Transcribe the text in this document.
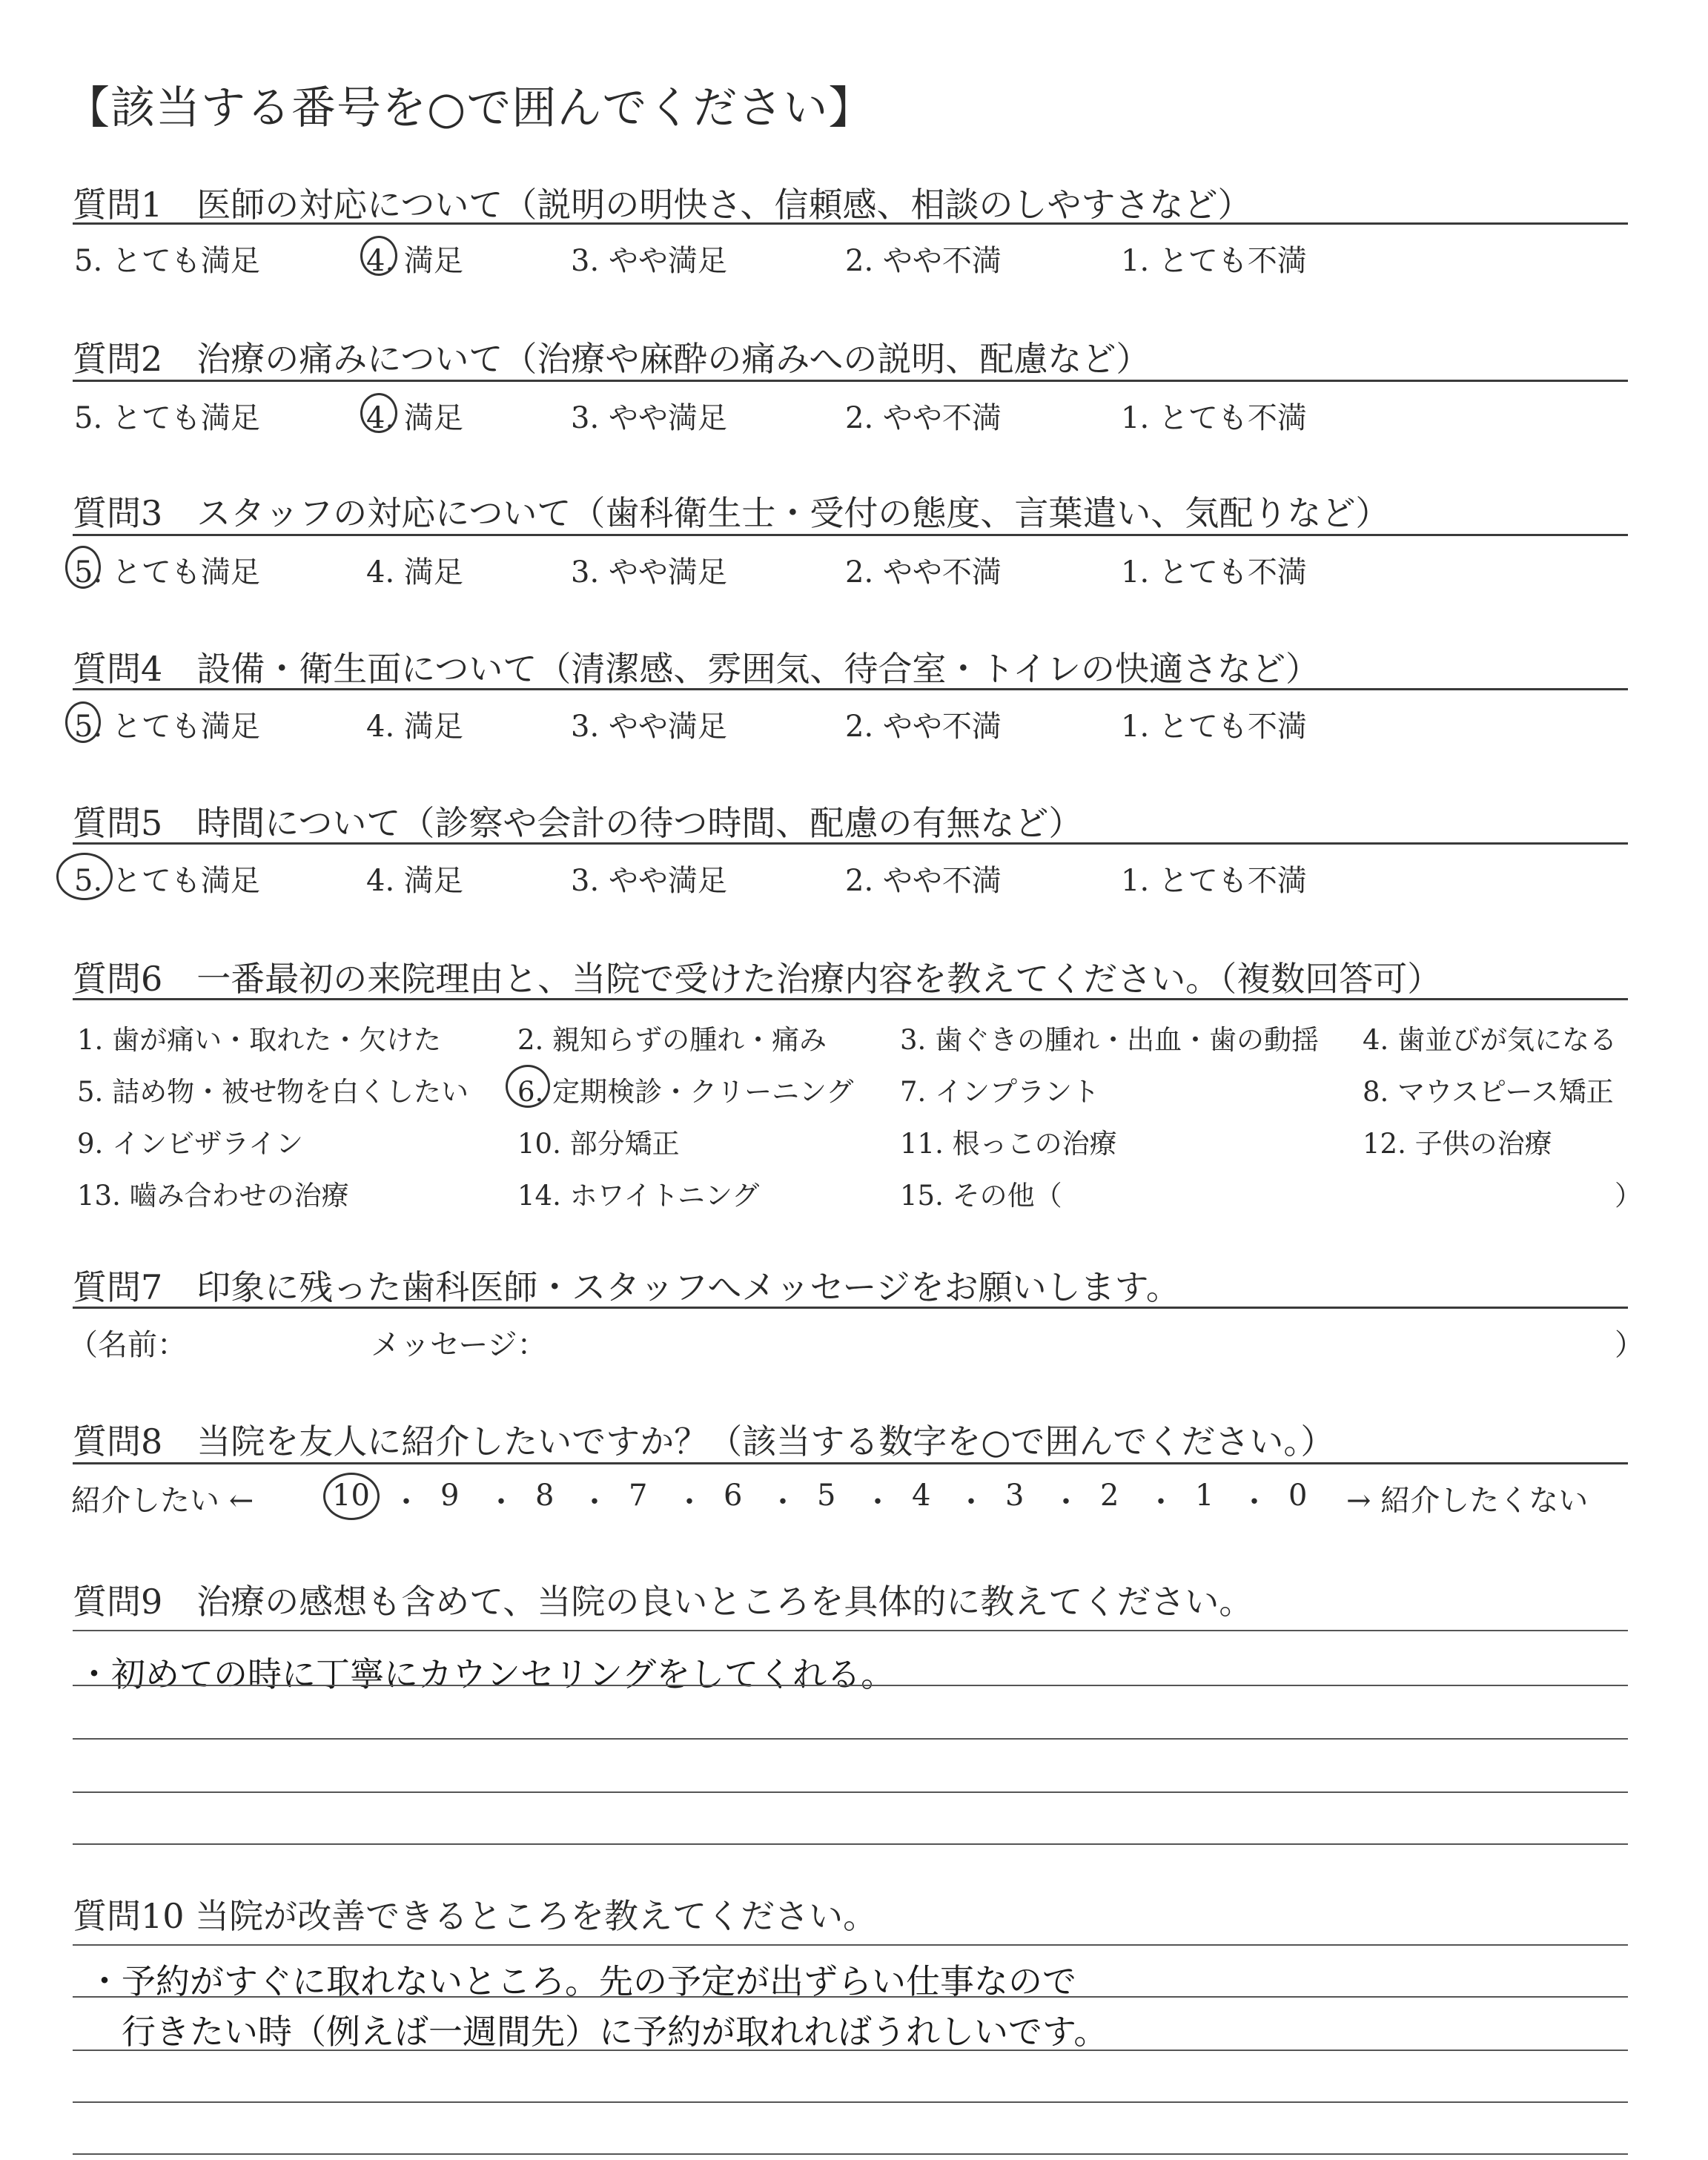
【該当する番号を○で囲んでください】
質問1　医師の対応について（説明の明快さ、信頼感、相談のしやすさなど）
5. とても満足	4. 満足	3. やや満足	2. やや不満	1. とても不満
質問2　治療の痛みについて（治療や麻酔の痛みへの説明、配慮など）
5. とても満足	4. 満足	3. やや満足	2. やや不満	1. とても不満
質問3　スタッフの対応について（歯科衛生士・受付の態度、言葉遣い、気配りなど）
5. とても満足	4. 満足	3. やや満足	2. やや不満	1. とても不満
質問4　設備・衛生面について（清潔感、雰囲気、待合室・トイレの快適さなど）
5. とても満足	4. 満足	3. やや満足	2. やや不満	1. とても不満
質問5　時間について（診察や会計の待つ時間、配慮の有無など）
5. とても満足	4. 満足	3. やや満足	2. やや不満	1. とても不満
質問6　一番最初の来院理由と、当院で受けた治療内容を教えてください。（複数回答可）
1. 歯が痛い・取れた・欠けた	2. 親知らずの腫れ・痛み	3. 歯ぐきの腫れ・出血・歯の動揺 4. 歯並びが気になる
5. 詰め物・被せ物を白くしたい 6. 定期検診・クリーニング 7. インプラント	8. マウスピース矯正
9. インビザライン	10. 部分矯正	11. 根っこの治療	12. 子供の治療
13. 嚙み合わせの治療	14. ホワイトニング	15. その他（	）
質問7　印象に残った歯科医師・スタッフへメッセージをお願いします。
（名前：	メッセージ：	）
質問8　当院を友人に紹介したいですか？（該当する数字を○で囲んでください。）
紹介したい ←	→ 紹介したくない
10 ・ 9 ・ 8 ・ 7 ・ 6 ・ 5 ・ 4 ・ 3 ・ 2 ・ 1 ・ 0
質問9　治療の感想も含めて、当院の良いところを具体的に教えてください。
・初めての時に丁寧にカウンセリングをしてくれる。
質問10 当院が改善できるところを教えてください。
・予約がすぐに取れないところ。先の予定が出ずらい仕事なので
　行きたい時（例えば一週間先）に予約が取れればうれしいです。
